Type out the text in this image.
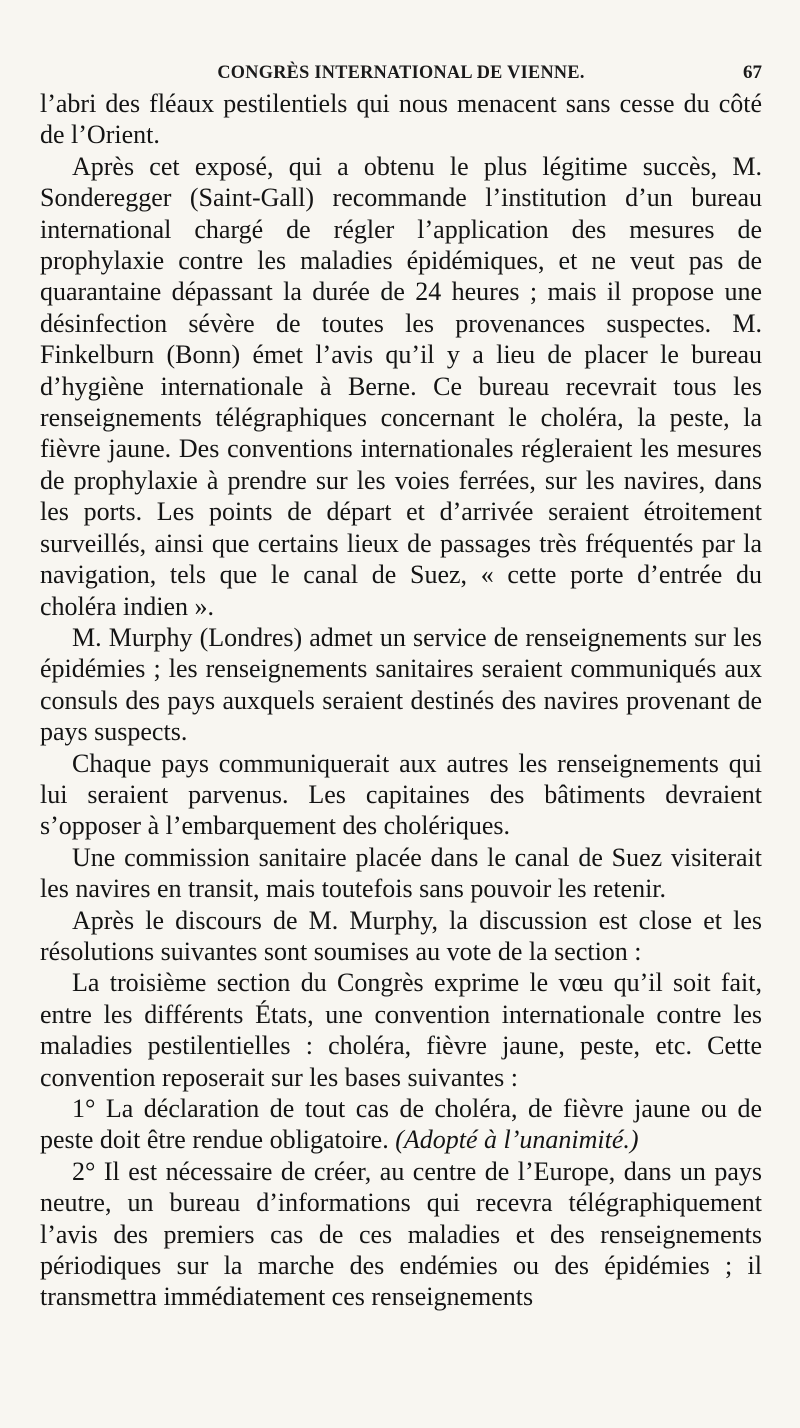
CONGRÈS INTERNATIONAL DE VIENNE.	67

l’abri des fléaux pestilentiels qui nous menacent sans cesse du côté de l’Orient.

Après cet exposé, qui a obtenu le plus légitime succès, M. Sonderegger (Saint-Gall) recommande l’institution d’un bureau international chargé de régler l’application des mesures de prophylaxie contre les maladies épidémiques, et ne veut pas de quarantaine dépassant la durée de 24 heures ; mais il propose une désinfection sévère de toutes les provenances suspectes. M. Finkelburn (Bonn) émet l’avis qu’il y a lieu de placer le bureau d’hygiène internationale à Berne. Ce bureau recevrait tous les renseignements télégraphiques concernant le choléra, la peste, la fièvre jaune. Des conventions internationales régleraient les mesures de prophylaxie à prendre sur les voies ferrées, sur les navires, dans les ports. Les points de départ et d’arrivée seraient étroitement surveillés, ainsi que certains lieux de passages très fréquentés par la navigation, tels que le canal de Suez, « cette porte d’entrée du choléra indien ».

M. Murphy (Londres) admet un service de renseignements sur les épidémies ; les renseignements sanitaires seraient communiqués aux consuls des pays auxquels seraient destinés des navires provenant de pays suspects.

Chaque pays communiquerait aux autres les renseignements qui lui seraient parvenus. Les capitaines des bâtiments devraient s’opposer à l’embarquement des cholériques.

Une commission sanitaire placée dans le canal de Suez visiterait les navires en transit, mais toutefois sans pouvoir les retenir.

Après le discours de M. Murphy, la discussion est close et les résolutions suivantes sont soumises au vote de la section :

La troisième section du Congrès exprime le vœu qu’il soit fait, entre les différents États, une convention internationale contre les maladies pestilentielles : choléra, fièvre jaune, peste, etc. Cette convention reposerait sur les bases suivantes :

1° La déclaration de tout cas de choléra, de fièvre jaune ou de peste doit être rendue obligatoire. (Adopté à l’unanimité.)

2° Il est nécessaire de créer, au centre de l’Europe, dans un pays neutre, un bureau d’informations qui recevra télégraphiquement l’avis des premiers cas de ces maladies et des renseignements périodiques sur la marche des endémies ou des épidémies ; il transmettra immédiatement ces renseignements
